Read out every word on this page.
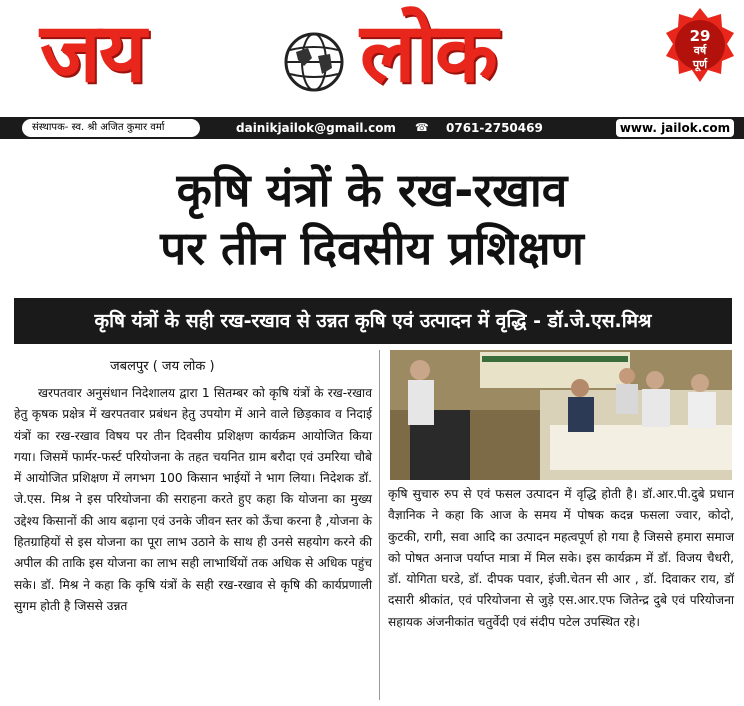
जय	लोक	29
वर्ष
पूर्ण
संस्थापक- स्व. श्री अजित कुमार वर्मा	dainikjailok@gmail.com ☎ 0761-2750469	www. jailok.com
कृषि यंत्रों के रख-रखाव
पर तीन दिवसीय प्रशिक्षण
कृषि यंत्रों के सही रख-रखाव से उन्नत कृषि एवं उत्पादन में वृद्धि - डॉ.जे.एस.मिश्र
जबलपुर ( जय लोक )

खरपतवार अनुसंधान निदेशालय द्वारा 1 सितम्बर को कृषि यंत्रों के रख-रखाव हेतु कृषक प्रक्षेत्र में खरपतवार प्रबंधन हेतु उपयोग में आने वाले छिड़काव व निदाई यंत्रों का रख-रखाव विषय पर तीन दिवसीय प्रशिक्षण कार्यक्रम आयोजित किया गया। जिसमें फार्मर-फर्स्ट परियोजना के तहत चयनित ग्राम बरौदा एवं उमरिया चौबे में आयोजित प्रशिक्षण में लगभग 100 किसान भाईयों ने भाग लिया। निदेशक डॉ. जे.एस. मिश्र ने इस परियोजना की सराहना करते हुए कहा कि योजना का मुख्य उद्देश्य किसानों की आय बढ़ाना एवं उनके जीवन स्तर को ऊँचा करना है ,योजना के हितग्राहियों से इस योजना का पूरा लाभ उठाने के साथ ही उनसे सहयोग करने की अपील की ताकि इस योजना का लाभ सही लाभार्थियों तक अधिक से अधिक पहुंच सके। डॉ. मिश्र ने कहा कि कृषि यंत्रों के सही रख-रखाव से कृषि की कार्यप्रणाली सुगम होती है जिससे उन्नत

कृषि सुचारु रुप से एवं फसल उत्पादन में वृद्धि होती है। डॉ.आर.पी.दुबे प्रधान वैज्ञानिक ने कहा कि आज के समय में पोषक कदन्न फसला ज्वार, कोदो, कुटकी, रागी, सवा आदि का उत्पादन महत्वपूर्ण हो गया है जिससे हमारा समाज को पोषत अनाज पर्याप्त मात्रा में मिल सके। इस कार्यक्रम में डॉ. विजय चैधरी, डॉ. योगिता घरडे, डॉ. दीपक पवार, इंजी.चेतन सी आर , डॉ. दिवाकर राय, डॉ दसारी श्रीकांत, एवं परियोजना से जुड़े एस.आर.एफ जितेन्द्र दुबे एवं परियोजना सहायक अंजनीकांत चतुर्वेदी एवं संदीप पटेल उपस्थित रहे।
